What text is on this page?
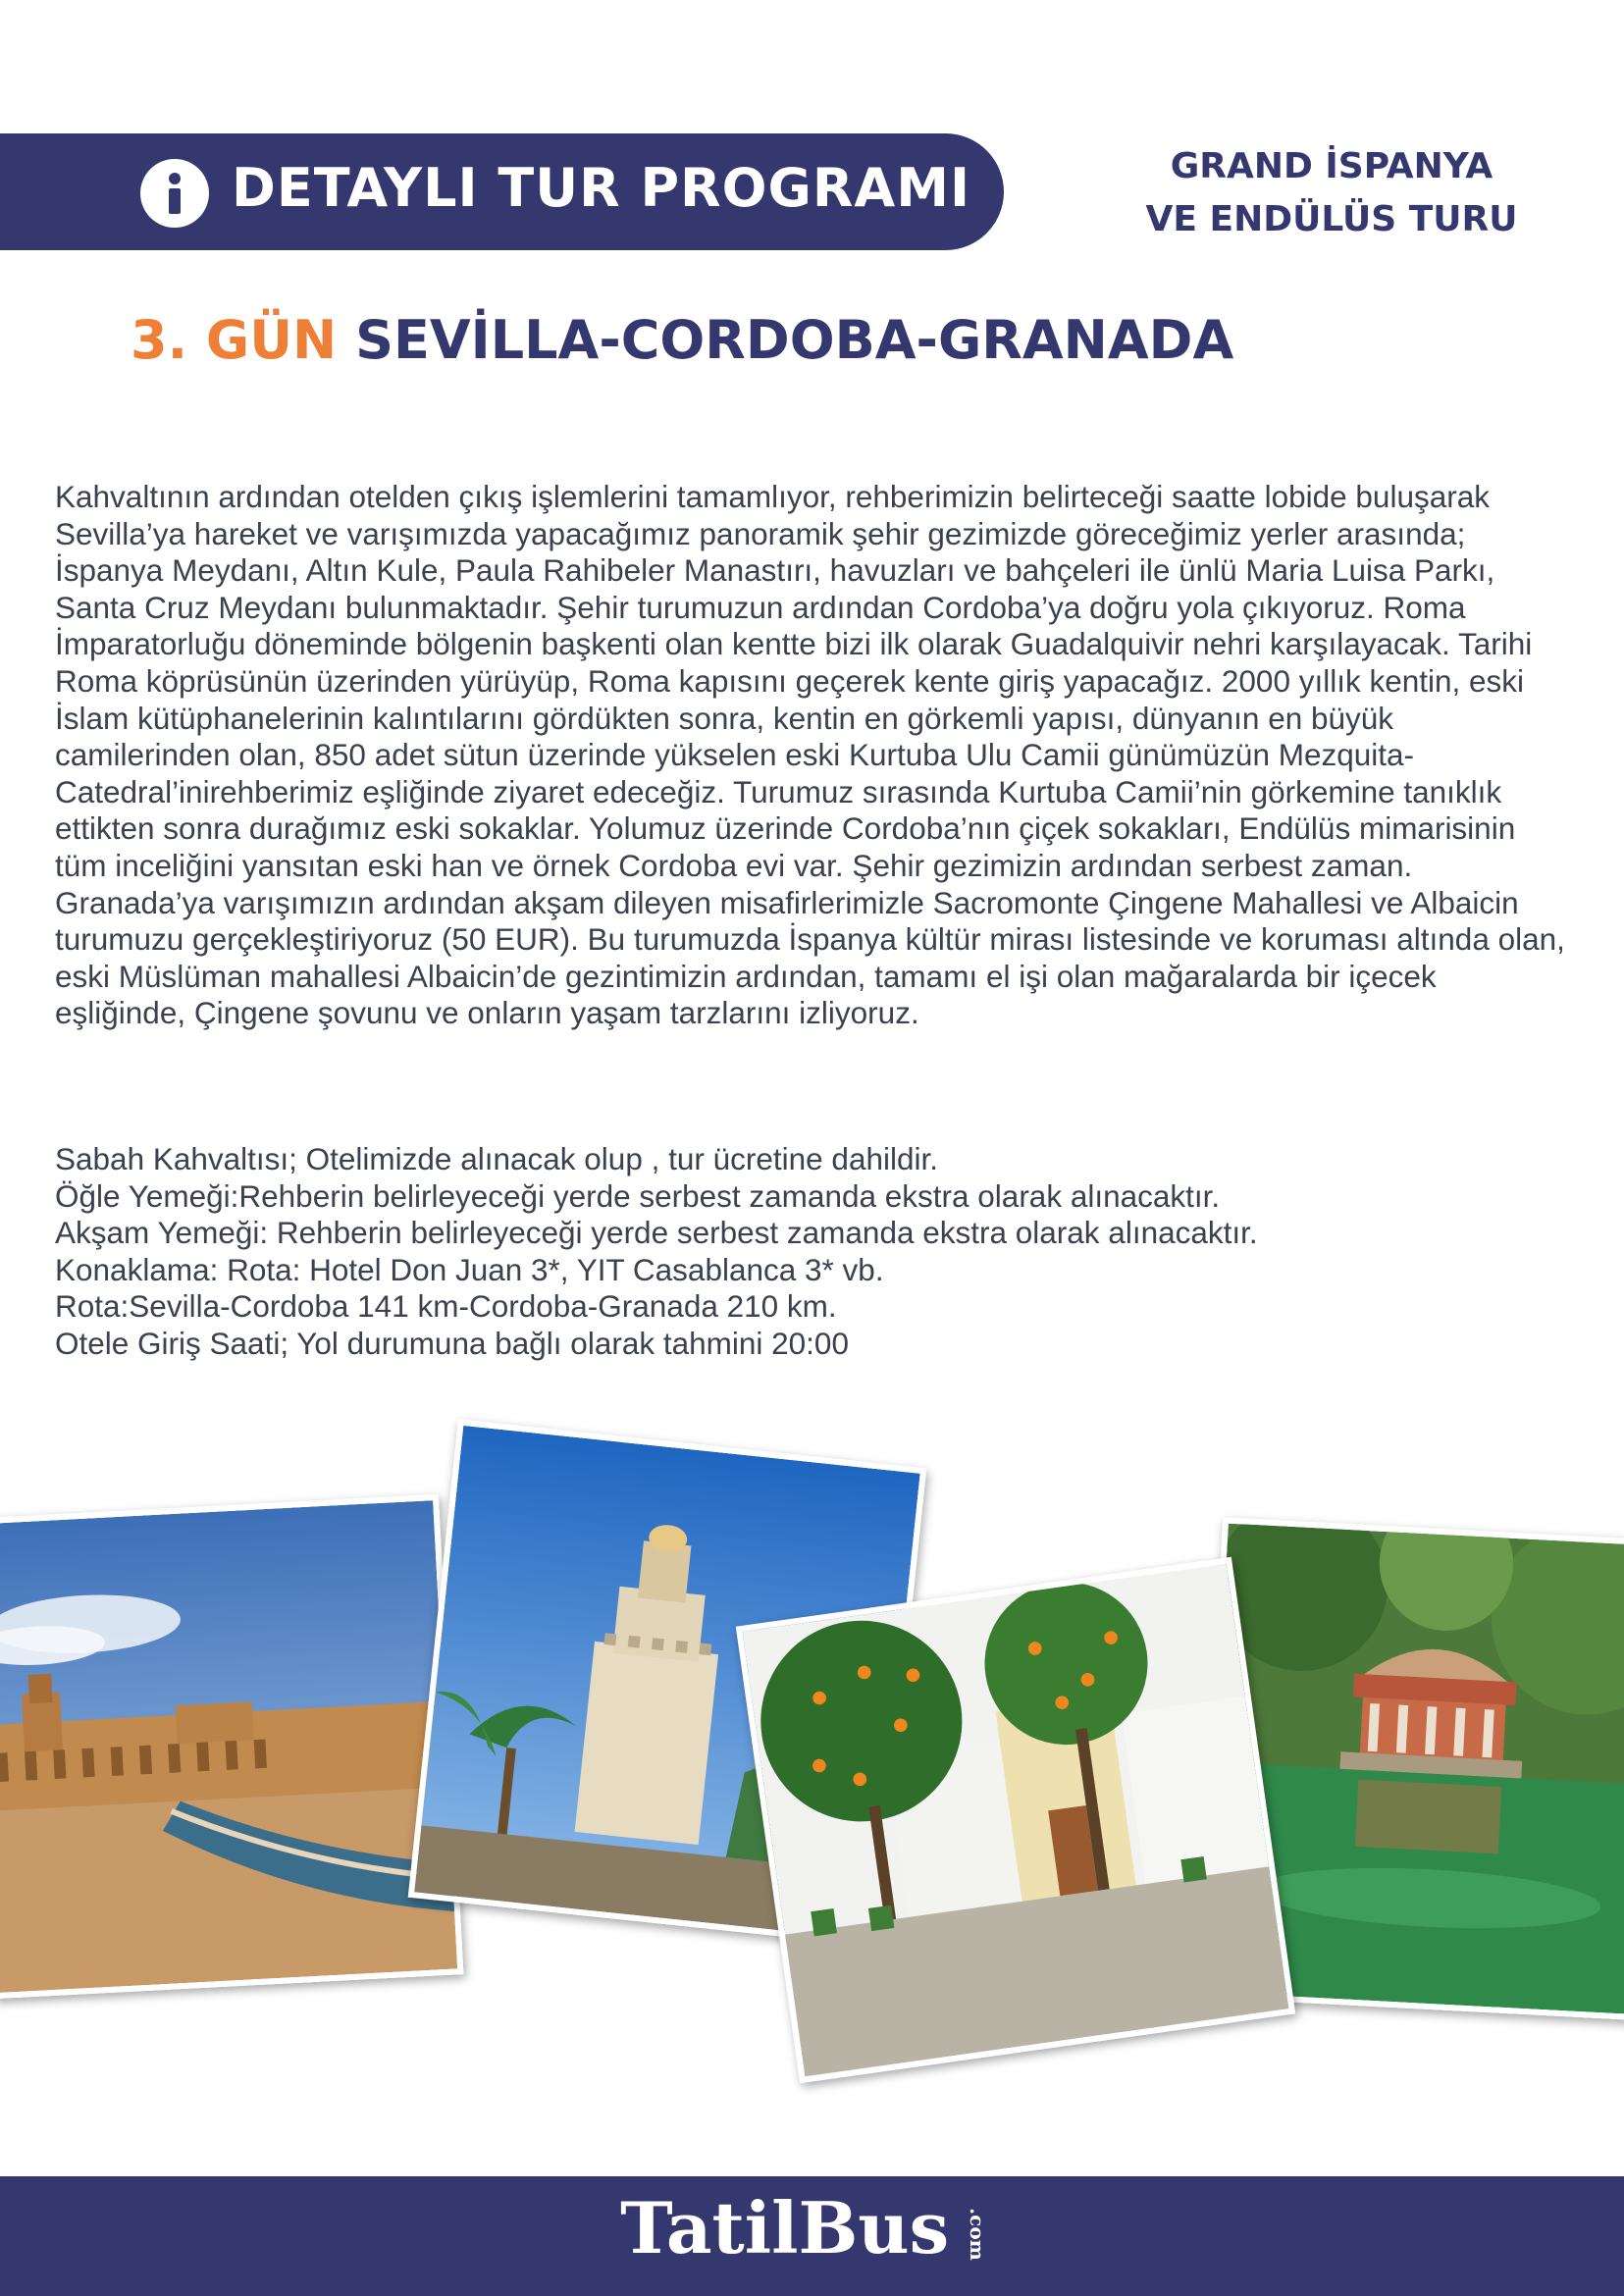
DETAYLI TUR PROGRAMI	GRAND İSPANYA
VE ENDÜLÜS TURU
3. GÜN SEVİLLA-CORDOBA-GRANADA

Kahvaltının ardından otelden çıkış işlemlerini tamamlıyor, rehberimizin belirteceği saatte lobide buluşarak Sevilla’ya hareket ve varışımızda yapacağımız panoramik şehir gezimizde göreceğimiz yerler arasında; İspanya Meydanı, Altın Kule, Paula Rahibeler Manastırı, havuzları ve bahçeleri ile ünlü Maria Luisa Parkı, Santa Cruz Meydanı bulunmaktadır. Şehir turumuzun ardından Cordoba’ya doğru yola çıkıyoruz. Roma İmparatorluğu döneminde bölgenin başkenti olan kentte bizi ilk olarak Guadalquivir nehri karşılayacak. Tarihi Roma köprüsünün üzerinden yürüyüp, Roma kapısını geçerek kente giriş yapacağız. 2000 yıllık kentin, eski İslam kütüphanelerinin kalıntılarını gördükten sonra, kentin en görkemli yapısı, dünyanın en büyük camilerinden olan, 850 adet sütun üzerinde yükselen eski Kurtuba Ulu Camii günümüzün Mezquita-Catedral’inirehberimiz eşliğinde ziyaret edeceğiz. Turumuz sırasında Kurtuba Camii’nin görkemine tanıklık ettikten sonra durağımız eski sokaklar. Yolumuz üzerinde Cordoba’nın çiçek sokakları, Endülüs mimarisinin tüm inceliğini yansıtan eski han ve örnek Cordoba evi var. Şehir gezimizin ardından serbest zaman. Granada’ya varışımızın ardından akşam dileyen misafirlerimizle Sacromonte Çingene Mahallesi ve Albaicin turumuzu gerçekleştiriyoruz (50 EUR). Bu turumuzda İspanya kültür mirası listesinde ve koruması altında olan, eski Müslüman mahallesi Albaicin’de gezintimizin ardından, tamamı el işi olan mağaralarda bir içecek eşliğinde, Çingene şovunu ve onların yaşam tarzlarını izliyoruz.

Sabah Kahvaltısı; Otelimizde alınacak olup , tur ücretine dahildir.
Öğle Yemeği:Rehberin belirleyeceği yerde serbest zamanda ekstra olarak alınacaktır.
Akşam Yemeği: Rehberin belirleyeceği yerde serbest zamanda ekstra olarak alınacaktır.
Konaklama: Rota: Hotel Don Juan 3*, YIT Casablanca 3* vb.
Rota:Sevilla-Cordoba 141 km-Cordoba-Granada 210 km.
Otele Giriş Saati; Yol durumuna bağlı olarak tahmini 20:00
TatilBus .com
